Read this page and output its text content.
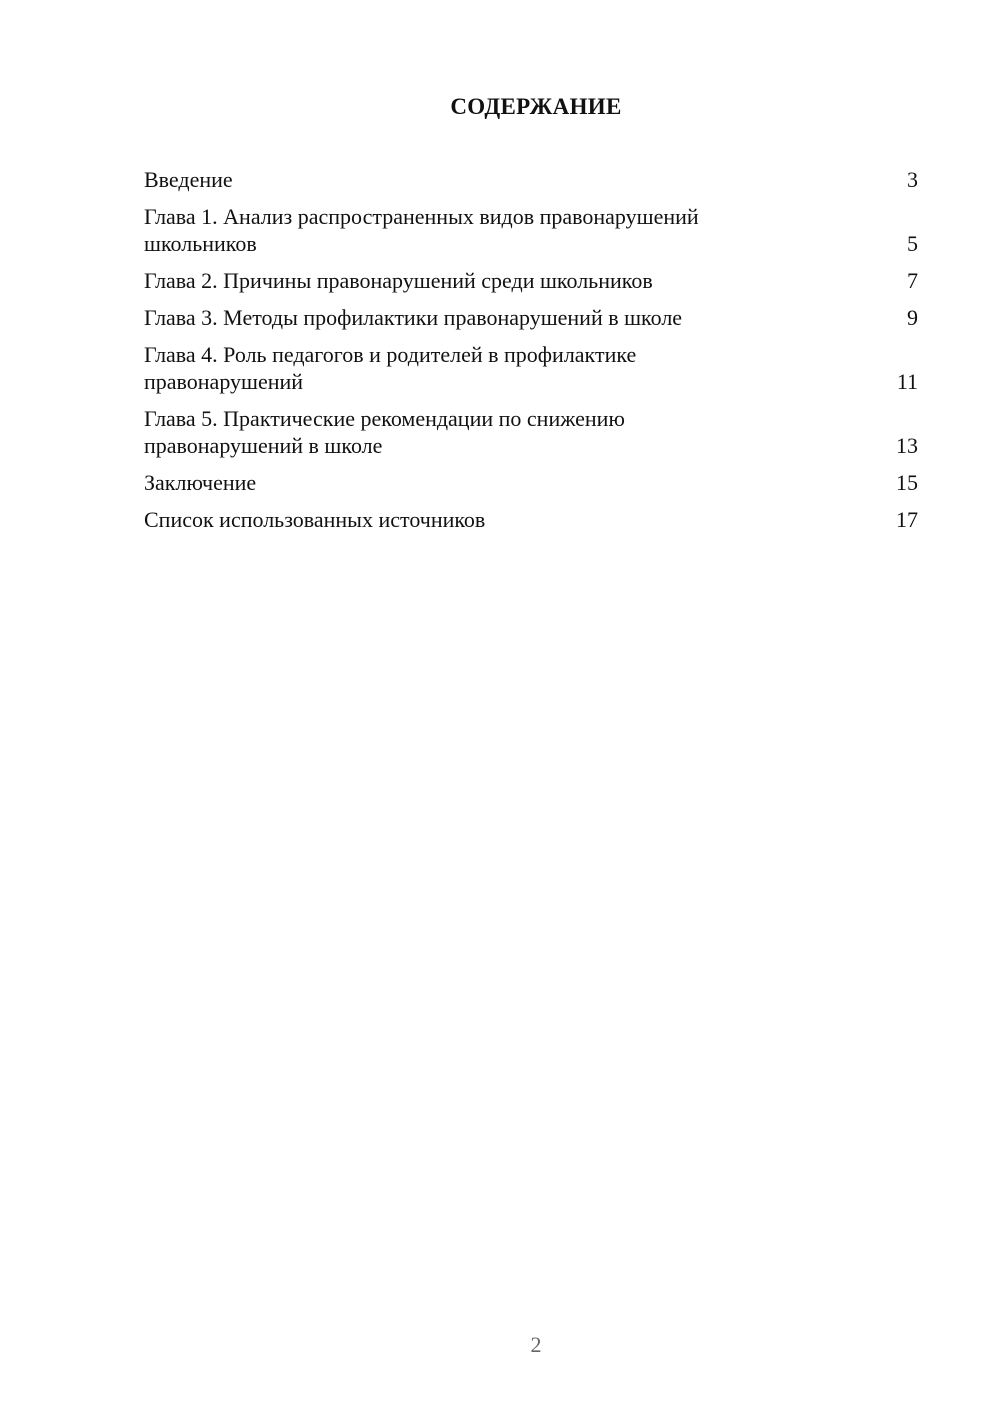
СОДЕРЖАНИЕ
Введение	3
Глава 1. Анализ распространенных видов правонарушений школьников	5
Глава 2. Причины правонарушений среди школьников	7
Глава 3. Методы профилактики правонарушений в школе	9
Глава 4. Роль педагогов и родителей в профилактике правонарушений	11
Глава 5. Практические рекомендации по снижению правонарушений в школе	13
Заключение	15
Список использованных источников	17
2
